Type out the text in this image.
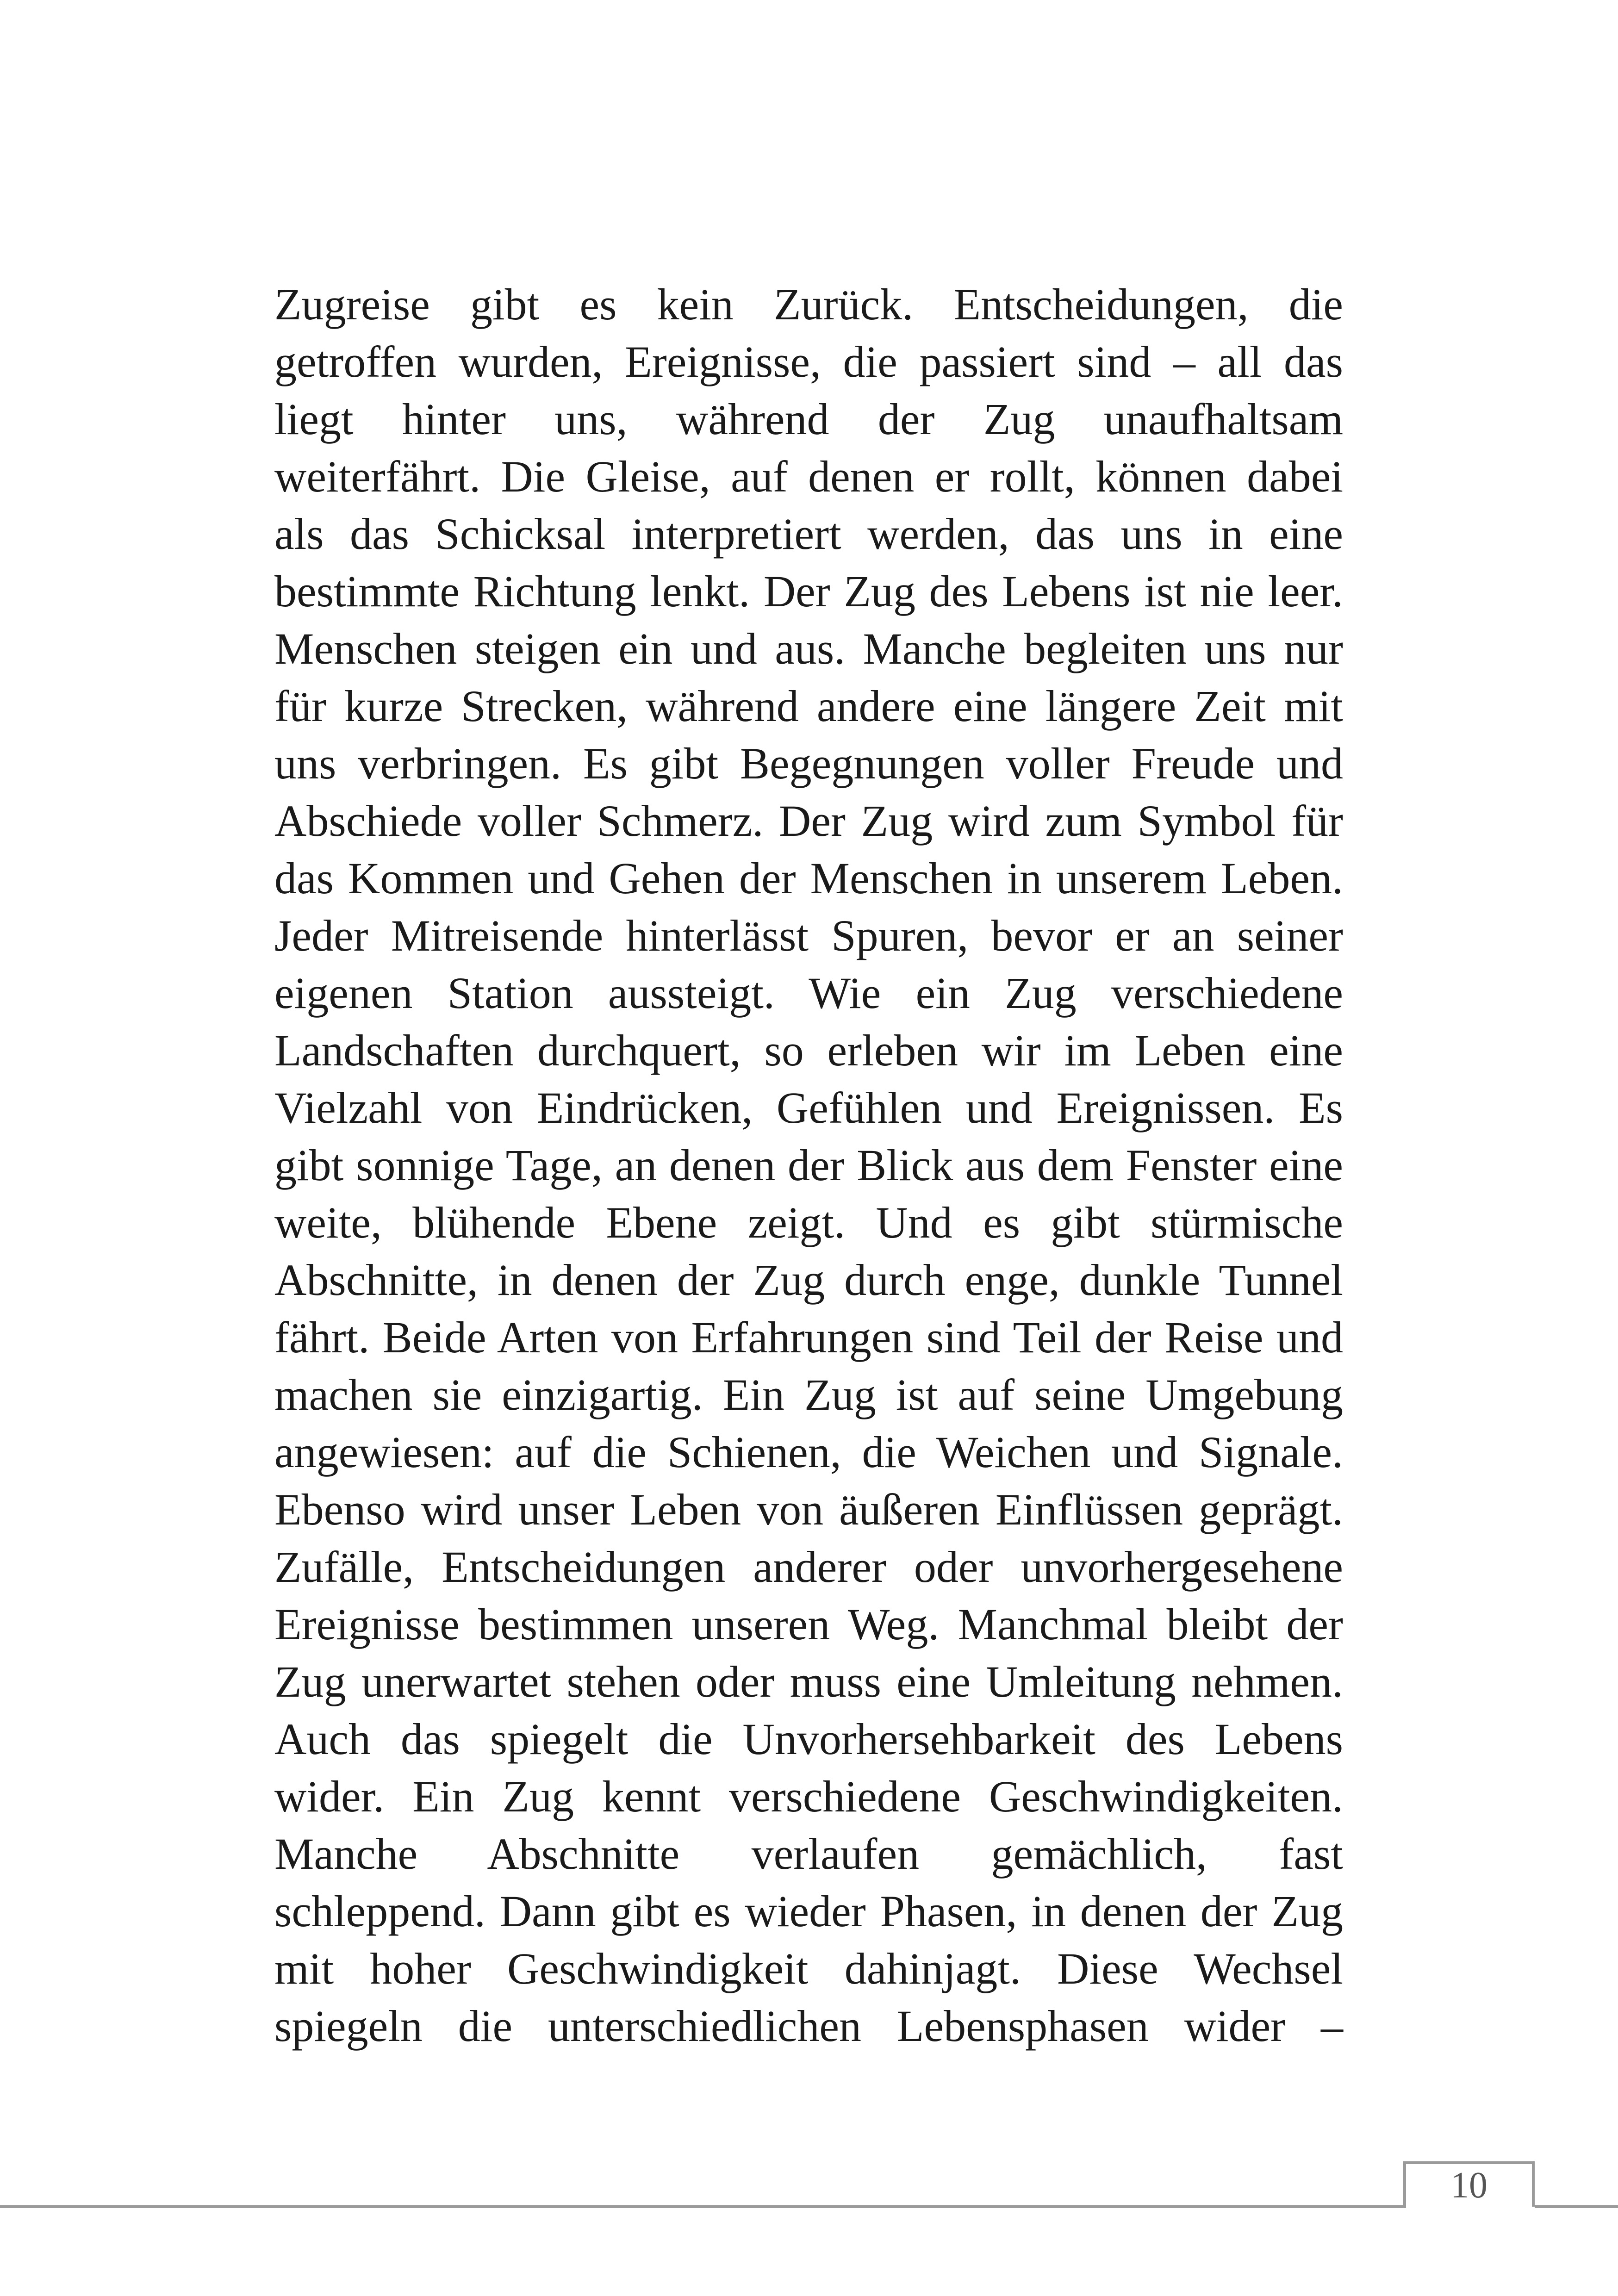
Zugreise gibt es kein Zurück. Entscheidungen, die
getroffen wurden, Ereignisse, die passiert sind – all das
liegt hinter uns, während der Zug unaufhaltsam
weiterfährt. Die Gleise, auf denen er rollt, können dabei
als das Schicksal interpretiert werden, das uns in eine
bestimmte Richtung lenkt. Der Zug des Lebens ist nie leer.
Menschen steigen ein und aus. Manche begleiten uns nur
für kurze Strecken, während andere eine längere Zeit mit
uns verbringen. Es gibt Begegnungen voller Freude und
Abschiede voller Schmerz. Der Zug wird zum Symbol für
das Kommen und Gehen der Menschen in unserem Leben.
Jeder Mitreisende hinterlässt Spuren, bevor er an seiner
eigenen Station aussteigt. Wie ein Zug verschiedene
Landschaften durchquert, so erleben wir im Leben eine
Vielzahl von Eindrücken, Gefühlen und Ereignissen. Es
gibt sonnige Tage, an denen der Blick aus dem Fenster eine
weite, blühende Ebene zeigt. Und es gibt stürmische
Abschnitte, in denen der Zug durch enge, dunkle Tunnel
fährt. Beide Arten von Erfahrungen sind Teil der Reise und
machen sie einzigartig. Ein Zug ist auf seine Umgebung
angewiesen: auf die Schienen, die Weichen und Signale.
Ebenso wird unser Leben von äußeren Einflüssen geprägt.
Zufälle, Entscheidungen anderer oder unvorhergesehene
Ereignisse bestimmen unseren Weg. Manchmal bleibt der
Zug unerwartet stehen oder muss eine Umleitung nehmen.
Auch das spiegelt die Unvorhersehbarkeit des Lebens
wider. Ein Zug kennt verschiedene Geschwindigkeiten.
Manche Abschnitte verlaufen gemächlich, fast
schleppend. Dann gibt es wieder Phasen, in denen der Zug
mit hoher Geschwindigkeit dahinjagt. Diese Wechsel
spiegeln die unterschiedlichen Lebensphasen wider –
10
